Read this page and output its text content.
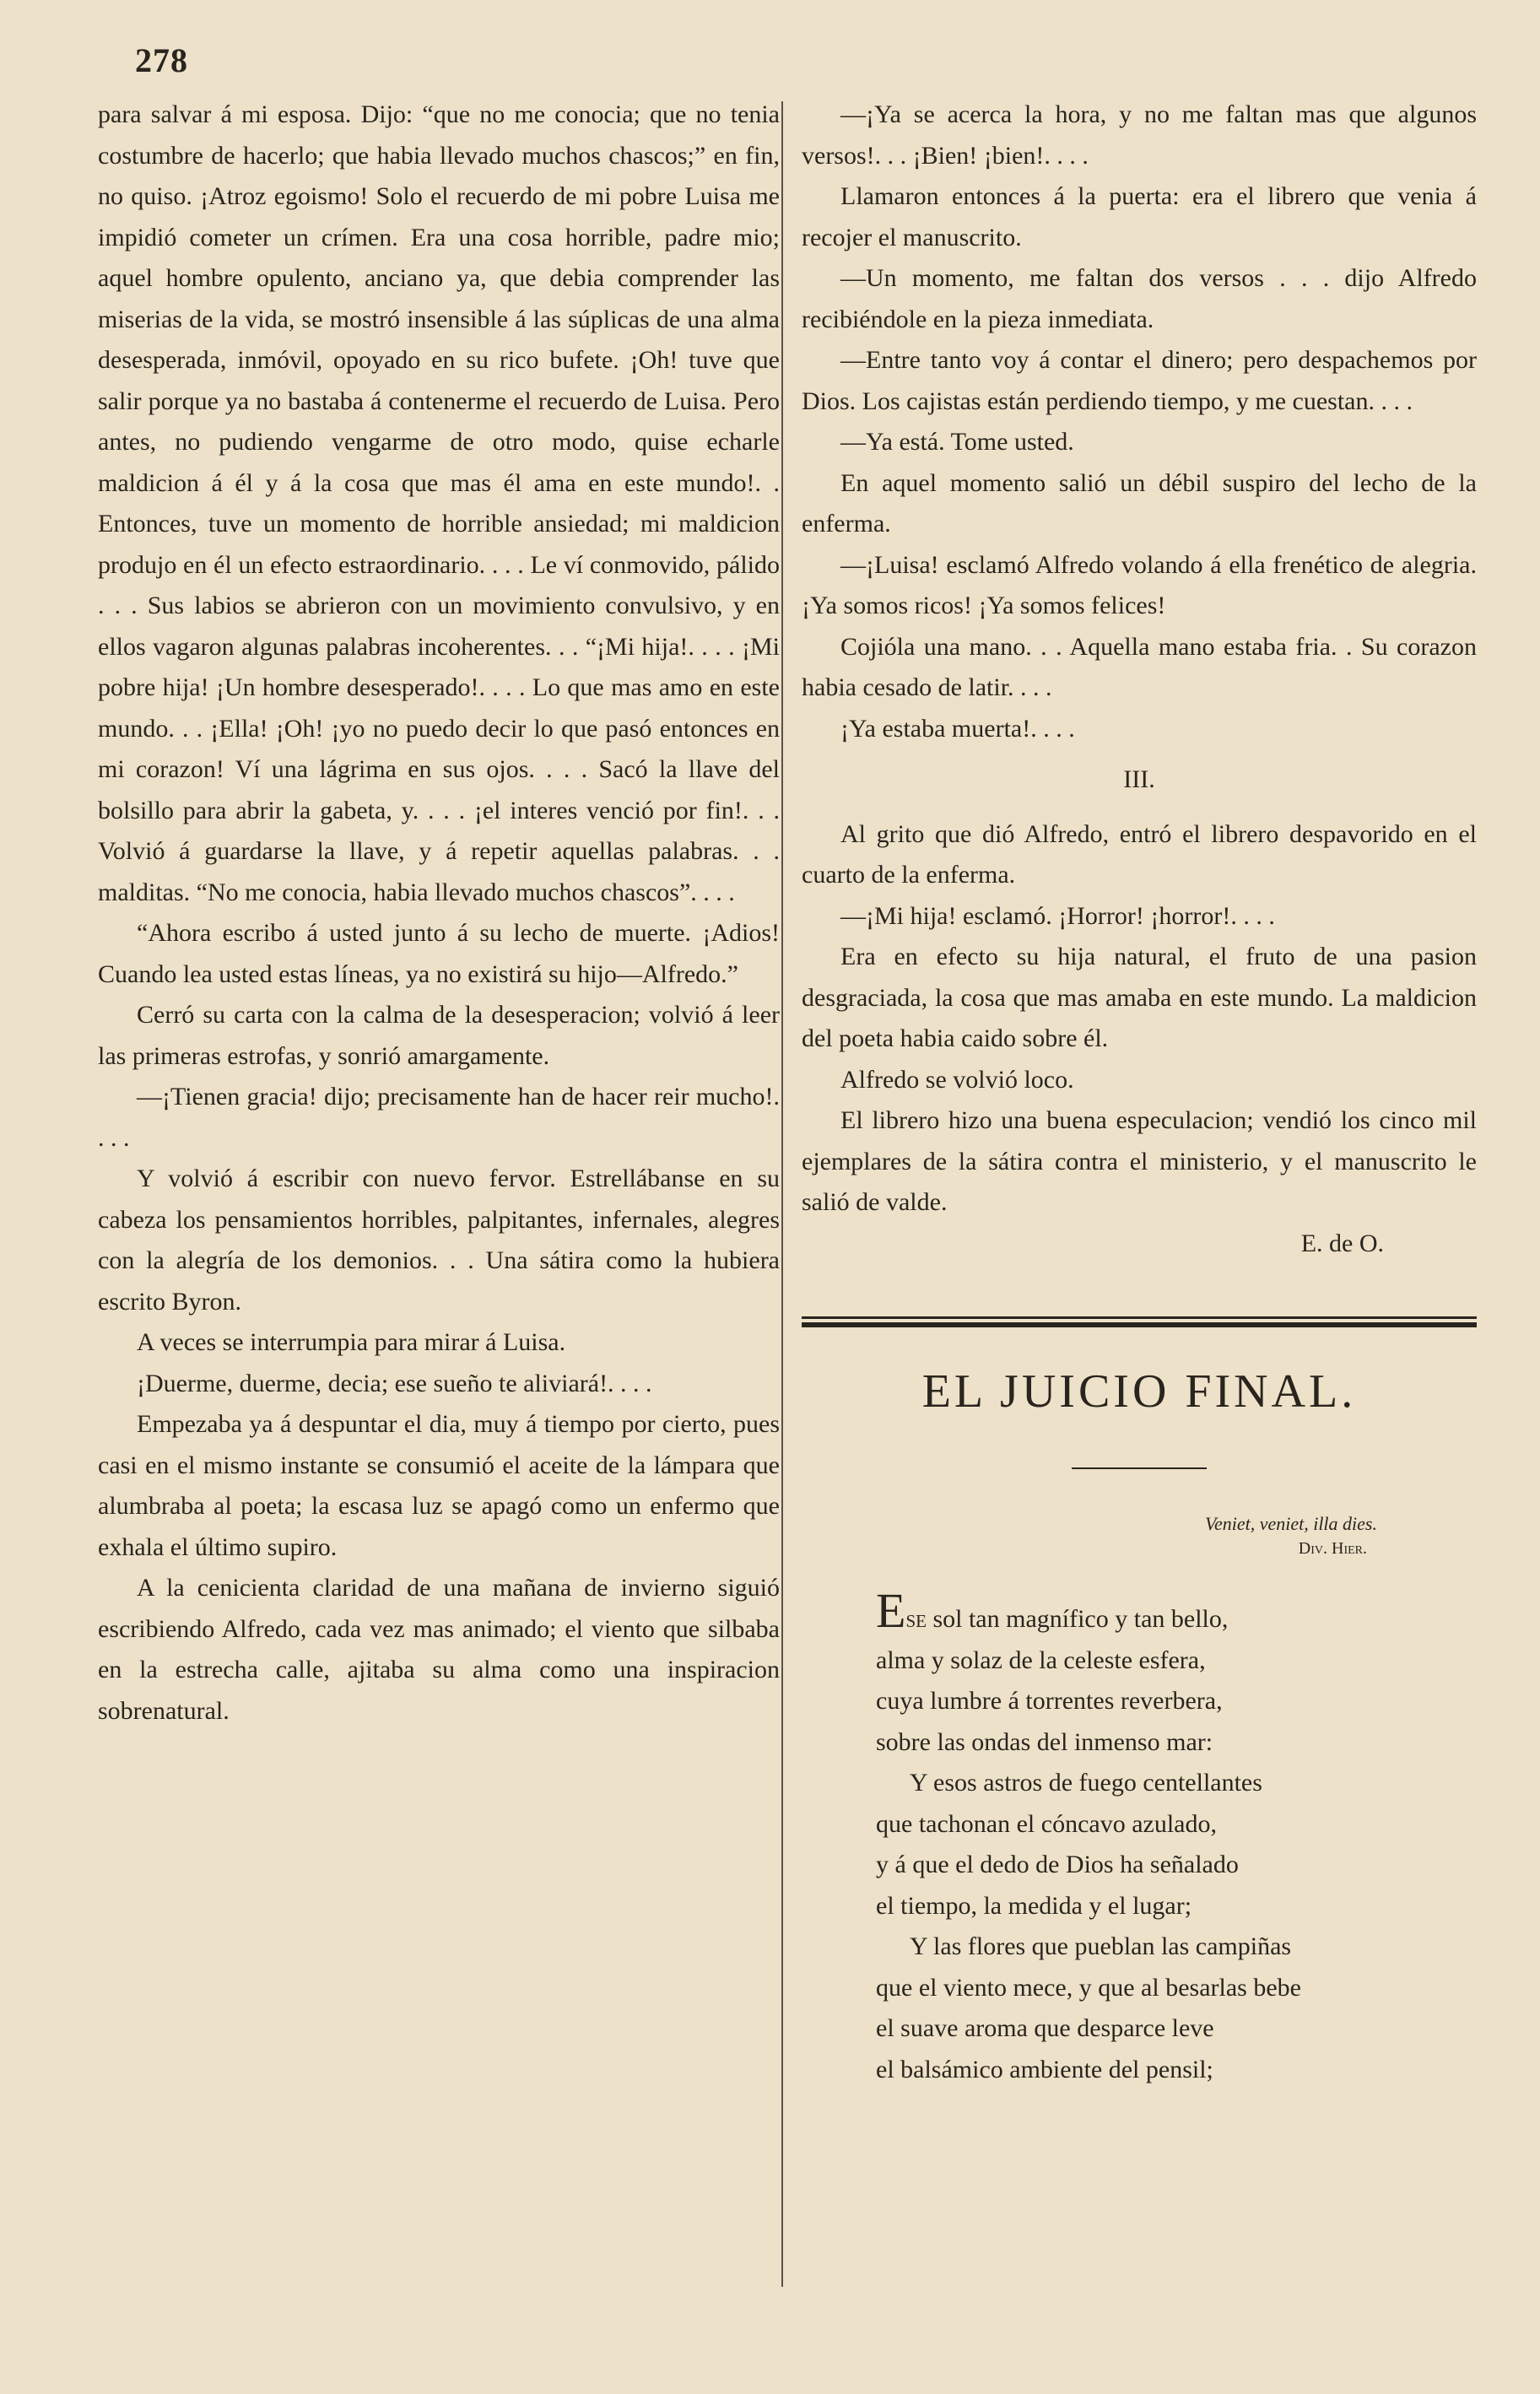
278

para salvar á mi esposa. Dijo: “que no me conocia; que no tenia costumbre de hacerlo; que habia llevado muchos chascos;” en fin, no quiso. ¡Atroz egoismo! Solo el recuerdo de mi pobre Luisa me impidió cometer un crímen. Era una cosa horrible, padre mio; aquel hombre opulento, anciano ya, que debia comprender las miserias de la vida, se mostró insensible á las súplicas de una alma desesperada, inmóvil, opoyado en su rico bufete. ¡Oh! tuve que salir porque ya no bastaba á contenerme el recuerdo de Luisa. Pero antes, no pudiendo vengarme de otro modo, quise echarle maldicion á él y á la cosa que mas él ama en este mundo!. . Entonces, tuve un momento de horrible ansiedad; mi maldicion produjo en él un efecto estraordinario. . . . Le ví conmovido, pálido . . . Sus labios se abrieron con un movimiento convulsivo, y en ellos vagaron algunas palabras incoherentes. . . “¡Mi hija!. . . . ¡Mi pobre hija! ¡Un hombre desesperado!. . . . Lo que mas amo en este mundo. . . ¡Ella! ¡Oh! ¡yo no puedo decir lo que pasó entonces en mi corazon! Ví una lágrima en sus ojos. . . . Sacó la llave del bolsillo para abrir la gabeta, y. . . . ¡el interes venció por fin!. . . Volvió á guardarse la llave, y á repetir aquellas palabras. . . malditas. “No me conocia, habia llevado muchos chascos”. . . .

“Ahora escribo á usted junto á su lecho de muerte. ¡Adios! Cuando lea usted estas líneas, ya no existirá su hijo—Alfredo.”

Cerró su carta con la calma de la desesperacion; volvió á leer las primeras estrofas, y sonrió amargamente.

—¡Tienen gracia! dijo; precisamente han de hacer reir mucho!. . . .

Y volvió á escribir con nuevo fervor. Estrellábanse en su cabeza los pensamientos horribles, palpitantes, infernales, alegres con la alegría de los demonios. . . Una sátira como la hubiera escrito Byron.

A veces se interrumpia para mirar á Luisa.

¡Duerme, duerme, decia; ese sueño te aliviará!. . . .

Empezaba ya á despuntar el dia, muy á tiempo por cierto, pues casi en el mismo instante se consumió el aceite de la lámpara que alumbraba al poeta; la escasa luz se apagó como un enfermo que exhala el último supiro.

A la cenicienta claridad de una mañana de invierno siguió escribiendo Alfredo, cada vez mas animado; el viento que silbaba en la estrecha calle, ajitaba su alma como una inspiracion sobrenatural.

—¡Ya se acerca la hora, y no me faltan mas que algunos versos!. . . ¡Bien! ¡bien!. . . .

Llamaron entonces á la puerta: era el librero que venia á recojer el manuscrito.

—Un momento, me faltan dos versos . . . dijo Alfredo recibiéndole en la pieza inmediata.

—Entre tanto voy á contar el dinero; pero despachemos por Dios. Los cajistas están perdiendo tiempo, y me cuestan. . . .

—Ya está. Tome usted.

En aquel momento salió un débil suspiro del lecho de la enferma.

—¡Luisa! esclamó Alfredo volando á ella frenético de alegria. ¡Ya somos ricos! ¡Ya somos felices!

Cojióla una mano. . . Aquella mano estaba fria. . Su corazon habia cesado de latir. . . .

¡Ya estaba muerta!. . . .

III.

Al grito que dió Alfredo, entró el librero despavorido en el cuarto de la enferma.

—¡Mi hija! esclamó. ¡Horror! ¡horror!. . . .

Era en efecto su hija natural, el fruto de una pasion desgraciada, la cosa que mas amaba en este mundo. La maldicion del poeta habia caido sobre él.

Alfredo se volvió loco.

El librero hizo una buena especulacion; vendió los cinco mil ejemplares de la sátira contra el ministerio, y el manuscrito le salió de valde.

E. de O.
EL JUICIO FINAL.
Veniet, veniet, illa dies.
Div. Hier.
Ese sol tan magnífico y tan bello,
alma y solaz de la celeste esfera,
cuya lumbre á torrentes reverbera,
sobre las ondas del inmenso mar:
Y esos astros de fuego centellantes
que tachonan el cóncavo azulado,
y á que el dedo de Dios ha señalado
el tiempo, la medida y el lugar;
Y las flores que pueblan las campiñas
que el viento mece, y que al besarlas bebe
el suave aroma que desparce leve
el balsámico ambiente del pensil;
